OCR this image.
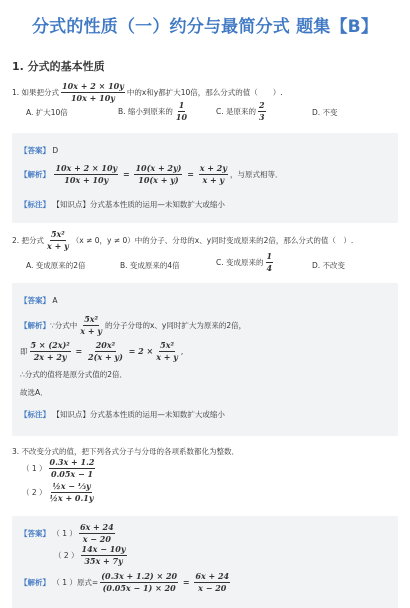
分式的性质（一）约分与最简分式 题集【B】
1. 分式的基本性质
1.
如果把分式 $\frac{10x + 2 \times 10y}{10x + 10y}$ 中的x和y都扩大10倍，那么分式的值（　　）.
A. 扩大10倍	B. 缩小到原来的 $\frac{1}{10}$	C. 是原来的 $\frac{2}{3}$	D. 不变
【答案】
D
【解析】
$\frac{10x + 2 \times 10y}{10x + 10y} = \frac{10(x + 2y)}{10(x + y)} = \frac{x + 2y}{x + y}$ ，与原式相等．
【标注】
【知识点】分式基本性质的运用—未知数扩大或缩小
2.
把分式 $\frac{\text{5x²}}{x + y} (x \ne 0$，y ≠ 0）中的分子、分母的x、y同时变成原来的2倍，那么分式的值（　）.
A. 变成原来的2倍	B. 变成原来的4倍	C. 变成原来的 $\frac{1}{4}$	D. 不改变
【答案】
A
【解析】 ∵分式中 $\frac{\text{5x²}}{x + y}$ 的分子分母的x、y同时扩大为原来的2倍，
即 $\frac{\text{5 × (2x)²}}{2x + 2y} = \frac{\text{20x²}}{2(x + y)}$
= $2 \times \frac{\text{5x²}}{x + y}$ ,
∴分式的值将是原分式值的2倍．
故选A．
【标注】
【知识点】分式基本性质的运用—未知数扩大或缩小
3.
不改变分式的值，把下列各式分子与分母的各项系数都化为整数．
（ 1 ） $\frac{0.3x + 1.2}{0.05x - 1}$
（ 2 ） $\frac{\text{½x − ⅓y}}{\text{½x + 0.1y}}$
【答案】
（ 1 ） $\frac{6x + 24}{x - 20}$
（ 2 ） $\frac{14x - 10y}{35x + 7y}$
【解析】
（ 1 ） 原式= $\frac{(0.3x + 1.2) \times 20}{(0.05x - 1) \times 20} = \frac{6x + 24}{x - 20}$
